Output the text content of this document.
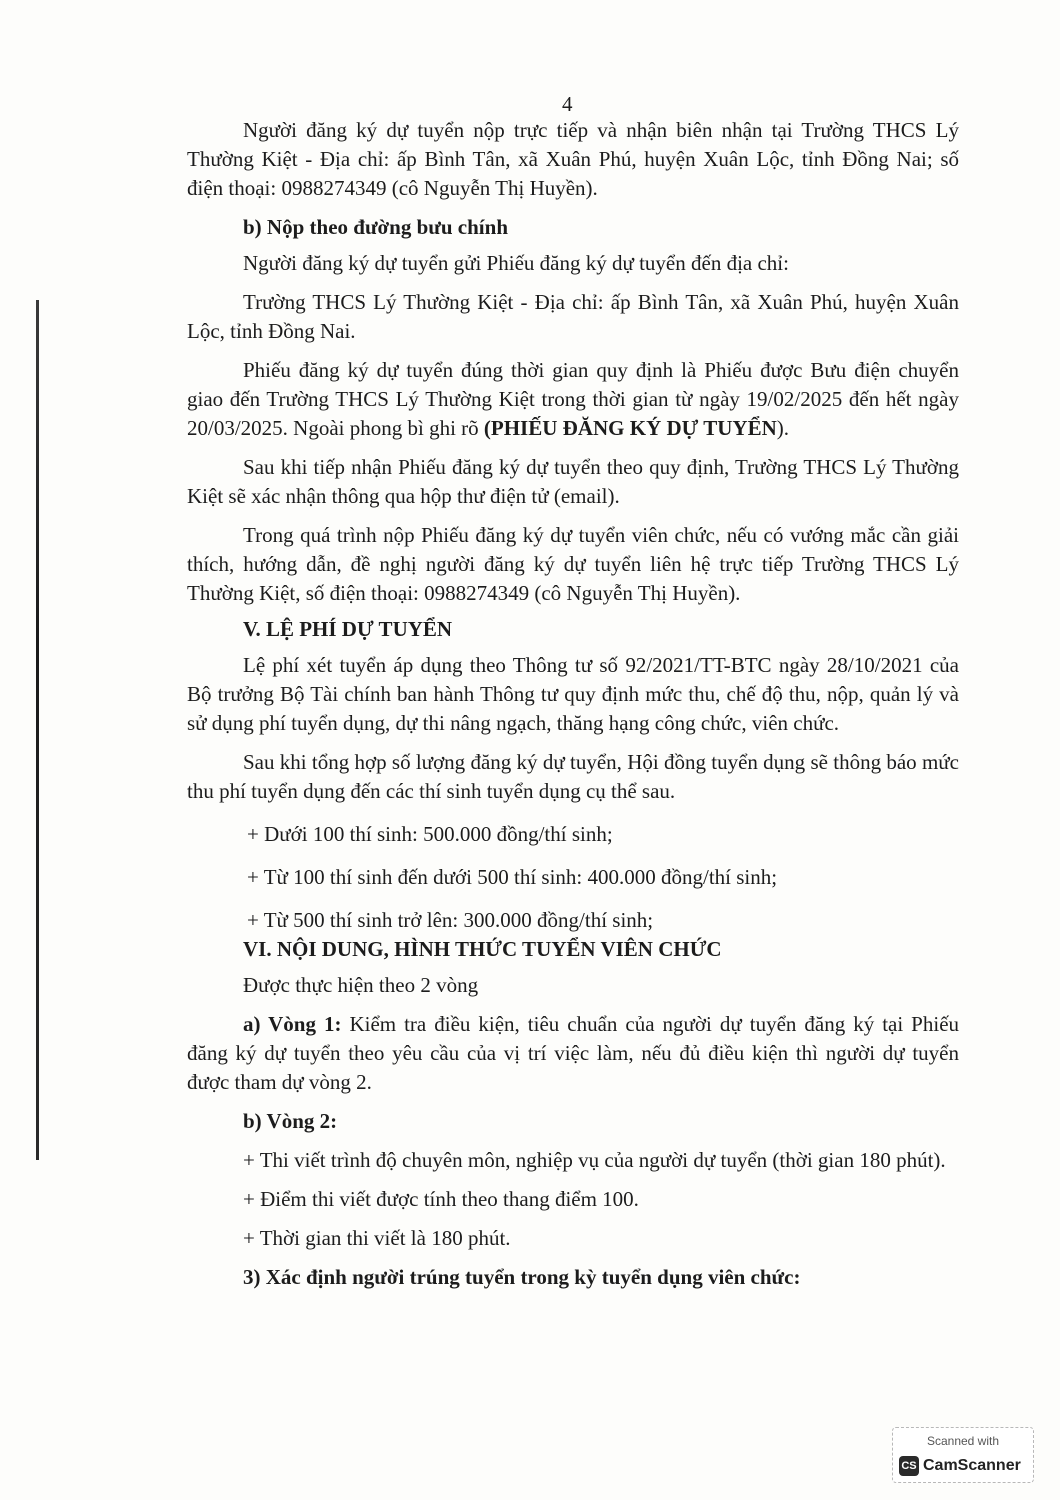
4

Người đăng ký dự tuyển nộp trực tiếp và nhận biên nhận tại Trường THCS Lý Thường Kiệt - Địa chỉ: ấp Bình Tân, xã Xuân Phú, huyện Xuân Lộc, tỉnh Đồng Nai; số điện thoại: 0988274349 (cô Nguyễn Thị Huyền).

b) Nộp theo đường bưu chính

Người đăng ký dự tuyển gửi Phiếu đăng ký dự tuyển đến địa chỉ:

Trường THCS Lý Thường Kiệt - Địa chỉ: ấp Bình Tân, xã Xuân Phú, huyện Xuân Lộc, tỉnh Đồng Nai.

Phiếu đăng ký dự tuyển đúng thời gian quy định là Phiếu được Bưu điện chuyển giao đến Trường THCS Lý Thường Kiệt trong thời gian từ ngày 19/02/2025 đến hết ngày 20/03/2025. Ngoài phong bì ghi rõ (PHIẾU ĐĂNG KÝ DỰ TUYỂN).

Sau khi tiếp nhận Phiếu đăng ký dự tuyển theo quy định, Trường THCS Lý Thường Kiệt sẽ xác nhận thông qua hộp thư điện tử (email).

Trong quá trình nộp Phiếu đăng ký dự tuyển viên chức, nếu có vướng mắc cần giải thích, hướng dẫn, đề nghị người đăng ký dự tuyển liên hệ trực tiếp Trường THCS Lý Thường Kiệt, số điện thoại: 0988274349 (cô Nguyễn Thị Huyền).

V. LỆ PHÍ DỰ TUYỂN

Lệ phí xét tuyển áp dụng theo Thông tư số 92/2021/TT-BTC ngày 28/10/2021 của Bộ trưởng Bộ Tài chính ban hành Thông tư quy định mức thu, chế độ thu, nộp, quản lý và sử dụng phí tuyển dụng, dự thi nâng ngạch, thăng hạng công chức, viên chức.

Sau khi tổng hợp số lượng đăng ký dự tuyển, Hội đồng tuyển dụng sẽ thông báo mức thu phí tuyển dụng đến các thí sinh tuyển dụng cụ thể sau.

+ Dưới 100 thí sinh: 500.000 đồng/thí sinh;

+ Từ 100 thí sinh đến dưới 500 thí sinh: 400.000 đồng/thí sinh;

+ Từ 500 thí sinh trở lên: 300.000 đồng/thí sinh;

VI. NỘI DUNG, HÌNH THỨC TUYỂN VIÊN CHỨC

Được thực hiện theo 2 vòng

a) Vòng 1: Kiểm tra điều kiện, tiêu chuẩn của người dự tuyển đăng ký tại Phiếu đăng ký dự tuyển theo yêu cầu của vị trí việc làm, nếu đủ điều kiện thì người dự tuyển được tham dự vòng 2.

b) Vòng 2:

+ Thi viết trình độ chuyên môn, nghiệp vụ của người dự tuyển (thời gian 180 phút).

+ Điểm thi viết được tính theo thang điểm 100.

+ Thời gian thi viết là 180 phút.

3) Xác định người trúng tuyển trong kỳ tuyển dụng viên chức:

Scanned with
CS CamScanner
